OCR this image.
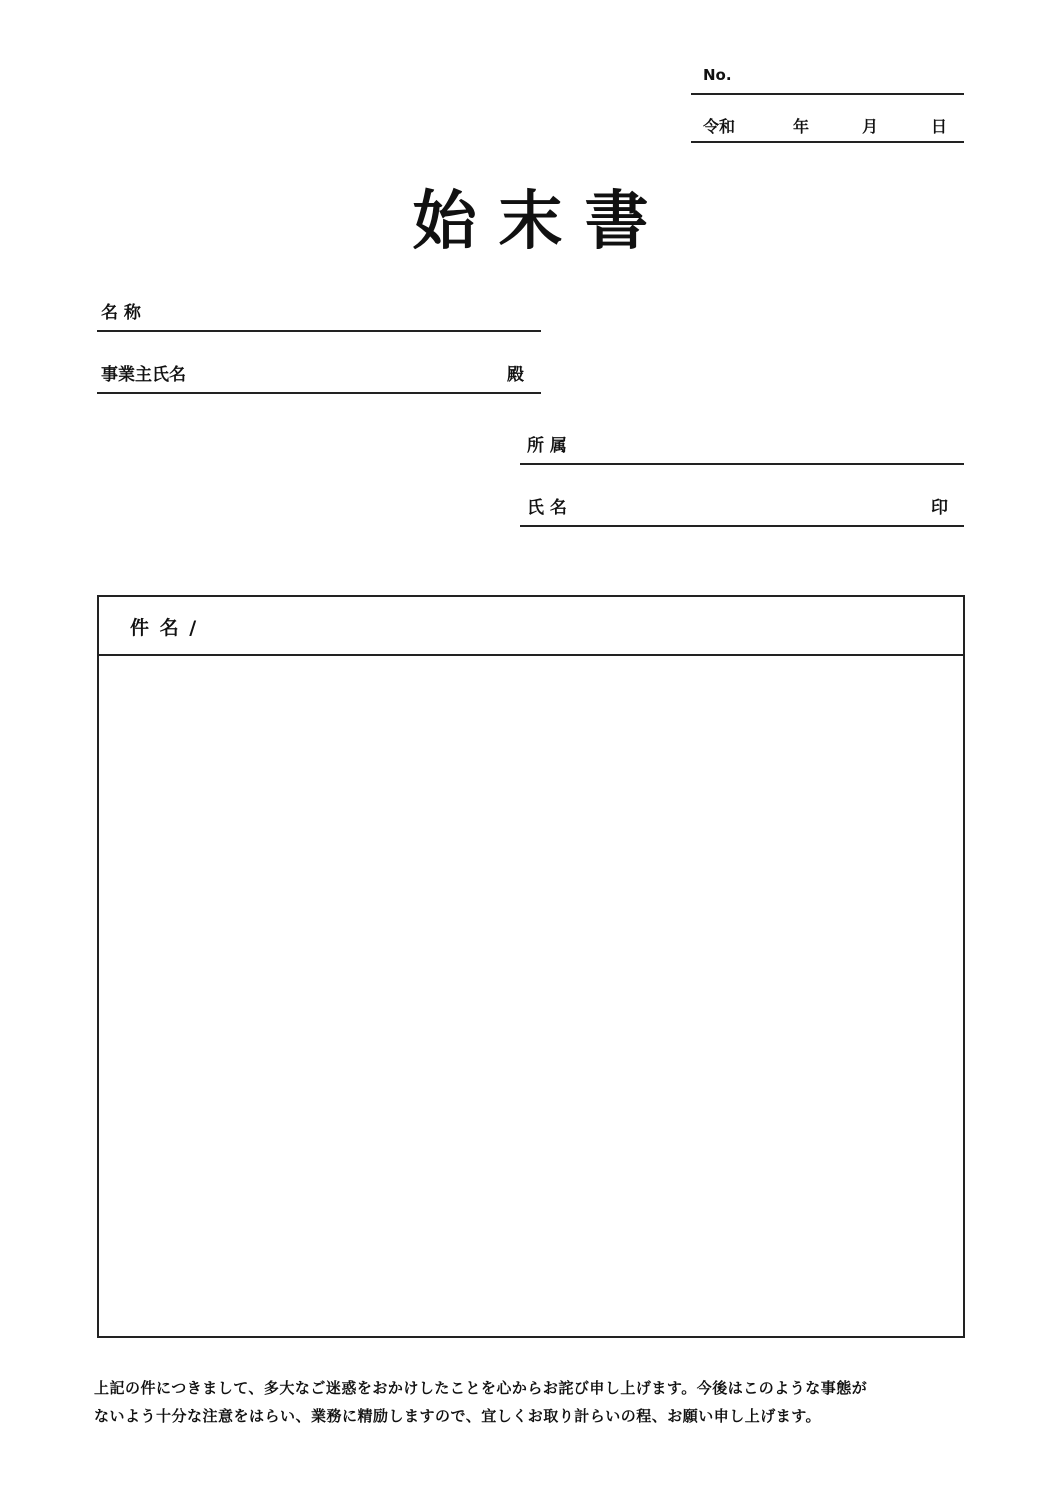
No.
令和	年	月	日
始末書
名 称
事業主氏名	殿
所 属
氏 名	印
件 名 /
上記の件につきまして、多大なご迷惑をおかけしたことを心からお詫び申し上げます。今後はこのような事態が
ないよう十分な注意をはらい、業務に精励しますので、宜しくお取り計らいの程、お願い申し上げます。
